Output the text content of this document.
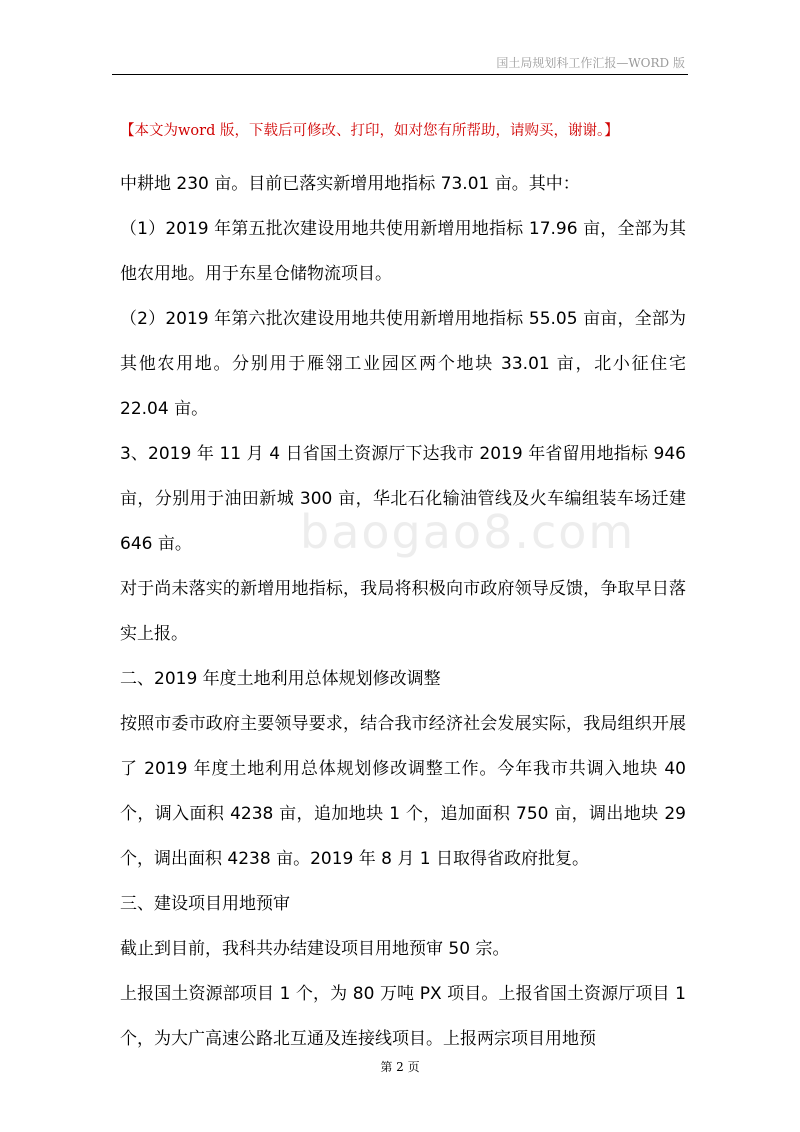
国土局规划科工作汇报—WORD 版
【本文为word 版，下载后可修改、打印，如对您有所帮助，请购买，谢谢。】
baogao8.com

中耕地 230 亩。目前已落实新增用地指标 73.01 亩。其中：

（1）2019 年第五批次建设用地共使用新增用地指标 17.96 亩，全部为其他农用地。用于东星仓储物流项目。

（2）2019 年第六批次建设用地共使用新增用地指标 55.05 亩亩，全部为其他农用地。分别用于雁翎工业园区两个地块 33.01 亩，北小征住宅 22.04 亩。

3、2019 年 11 月 4 日省国土资源厅下达我市 2019 年省留用地指标 946 亩，分别用于油田新城 300 亩，华北石化输油管线及火车编组装车场迁建 646 亩。

对于尚未落实的新增用地指标，我局将积极向市政府领导反馈，争取早日落实上报。

二、2019 年度土地利用总体规划修改调整

按照市委市政府主要领导要求，结合我市经济社会发展实际，我局组织开展了 2019 年度土地利用总体规划修改调整工作。今年我市共调入地块 40 个，调入面积 4238 亩，追加地块 1 个，追加面积 750 亩，调出地块 29 个，调出面积 4238 亩。2019 年 8 月 1 日取得省政府批复。

三、建设项目用地预审

截止到目前，我科共办结建设项目用地预审 50 宗。

上报国土资源部项目 1 个，为 80 万吨 PX 项目。上报省国土资源厅项目 1 个，为大广高速公路北互通及连接线项目。上报两宗项目用地预

第 2 页
